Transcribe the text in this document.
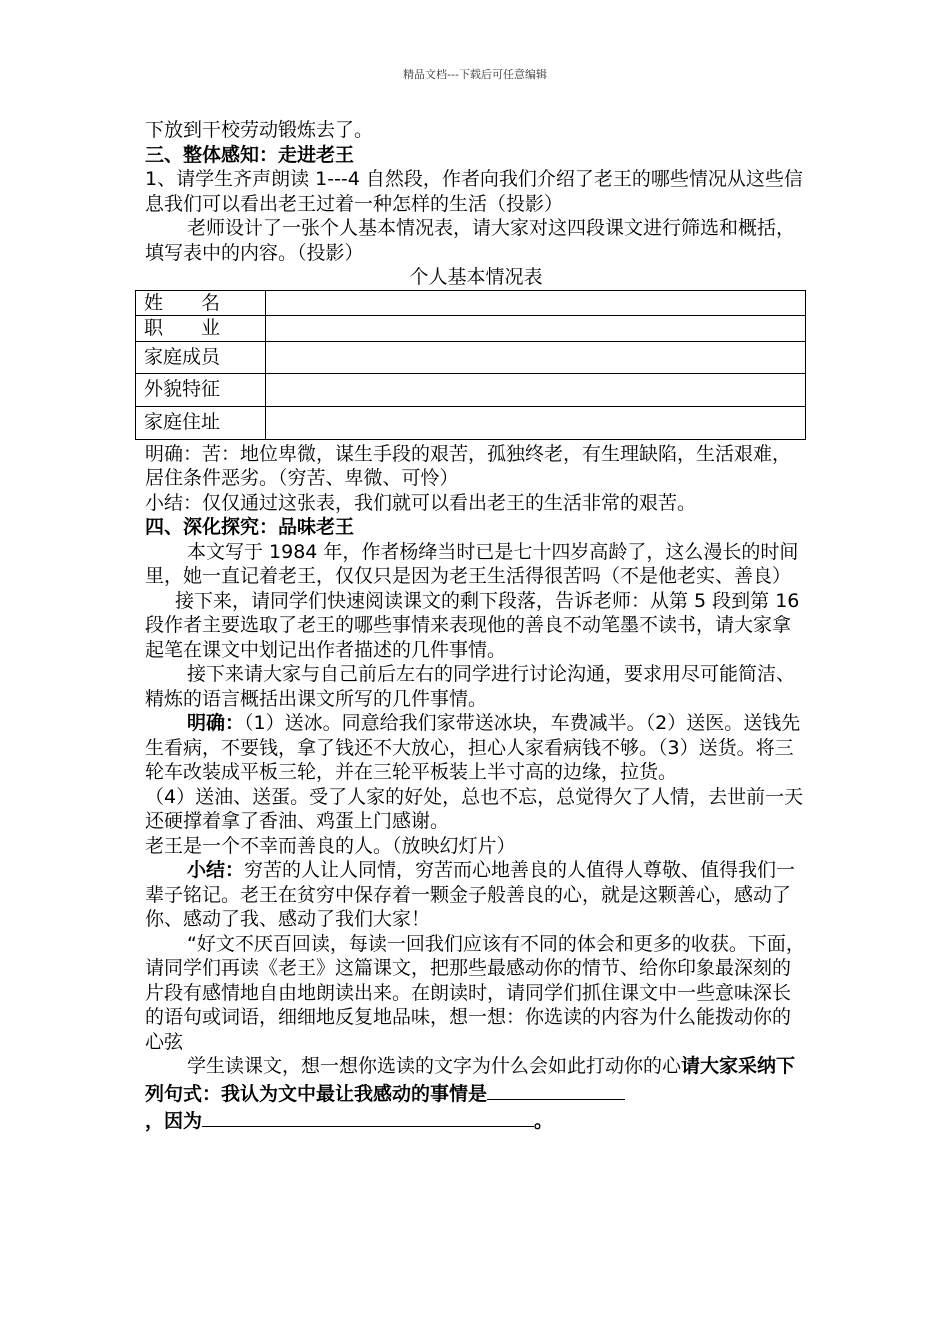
精品文档---下载后可任意编辑

下放到干校劳动锻炼去了。

三、整体感知：走进老王

1、请学生齐声朗读 1---4 自然段，作者向我们介绍了老王的哪些情况从这些信息我们可以看出老王过着一种怎样的生活（投影）

老师设计了一张个人基本情况表，请大家对这四段课文进行筛选和概括，填写表中的内容。（投影）

个人基本情况表

姓　　名	
职　　业	
家庭成员	
外貌特征	
家庭住址	

明确：苦：地位卑微，谋生手段的艰苦，孤独终老，有生理缺陷，生活艰难，居住条件恶劣。（穷苦、卑微、可怜）

小结：仅仅通过这张表，我们就可以看出老王的生活非常的艰苦。

四、深化探究：品味老王

本文写于 1984 年，作者杨绛当时已是七十四岁高龄了，这么漫长的时间里，她一直记着老王，仅仅只是因为老王生活得很苦吗（不是他老实、善良）

接下来，请同学们快速阅读课文的剩下段落，告诉老师：从第 5 段到第 16 段作者主要选取了老王的哪些事情来表现他的善良不动笔墨不读书，请大家拿起笔在课文中划记出作者描述的几件事情。

接下来请大家与自己前后左右的同学进行讨论沟通，要求用尽可能简洁、精炼的语言概括出课文所写的几件事情。

明确：（1）送冰。同意给我们家带送冰块，车费减半。（2）送医。送钱先生看病，不要钱，拿了钱还不大放心，担心人家看病钱不够。（3）送货。将三轮车改装成平板三轮，并在三轮平板装上半寸高的边缘，拉货。

（4）送油、送蛋。受了人家的好处，总也不忘，总觉得欠了人情，去世前一天还硬撑着拿了香油、鸡蛋上门感谢。

老王是一个不幸而善良的人。（放映幻灯片）

小结：穷苦的人让人同情，穷苦而心地善良的人值得人尊敬、值得我们一辈子铭记。老王在贫穷中保存着一颗金子般善良的心，就是这颗善心，感动了你、感动了我、感动了我们大家！

“好文不厌百回读，每读一回我们应该有不同的体会和更多的收获。下面，请同学们再读《老王》这篇课文，把那些最感动你的情节、给你印象最深刻的片段有感情地自由地朗读出来。在朗读时，请同学们抓住课文中一些意味深长的语句或词语，细细地反复地品味，想一想：你选读的内容为什么能拨动你的心弦

学生读课文，想一想你选读的文字为什么会如此打动你的心请大家采纳下列句式：我认为文中最让我感动的事情是

，因为	。
